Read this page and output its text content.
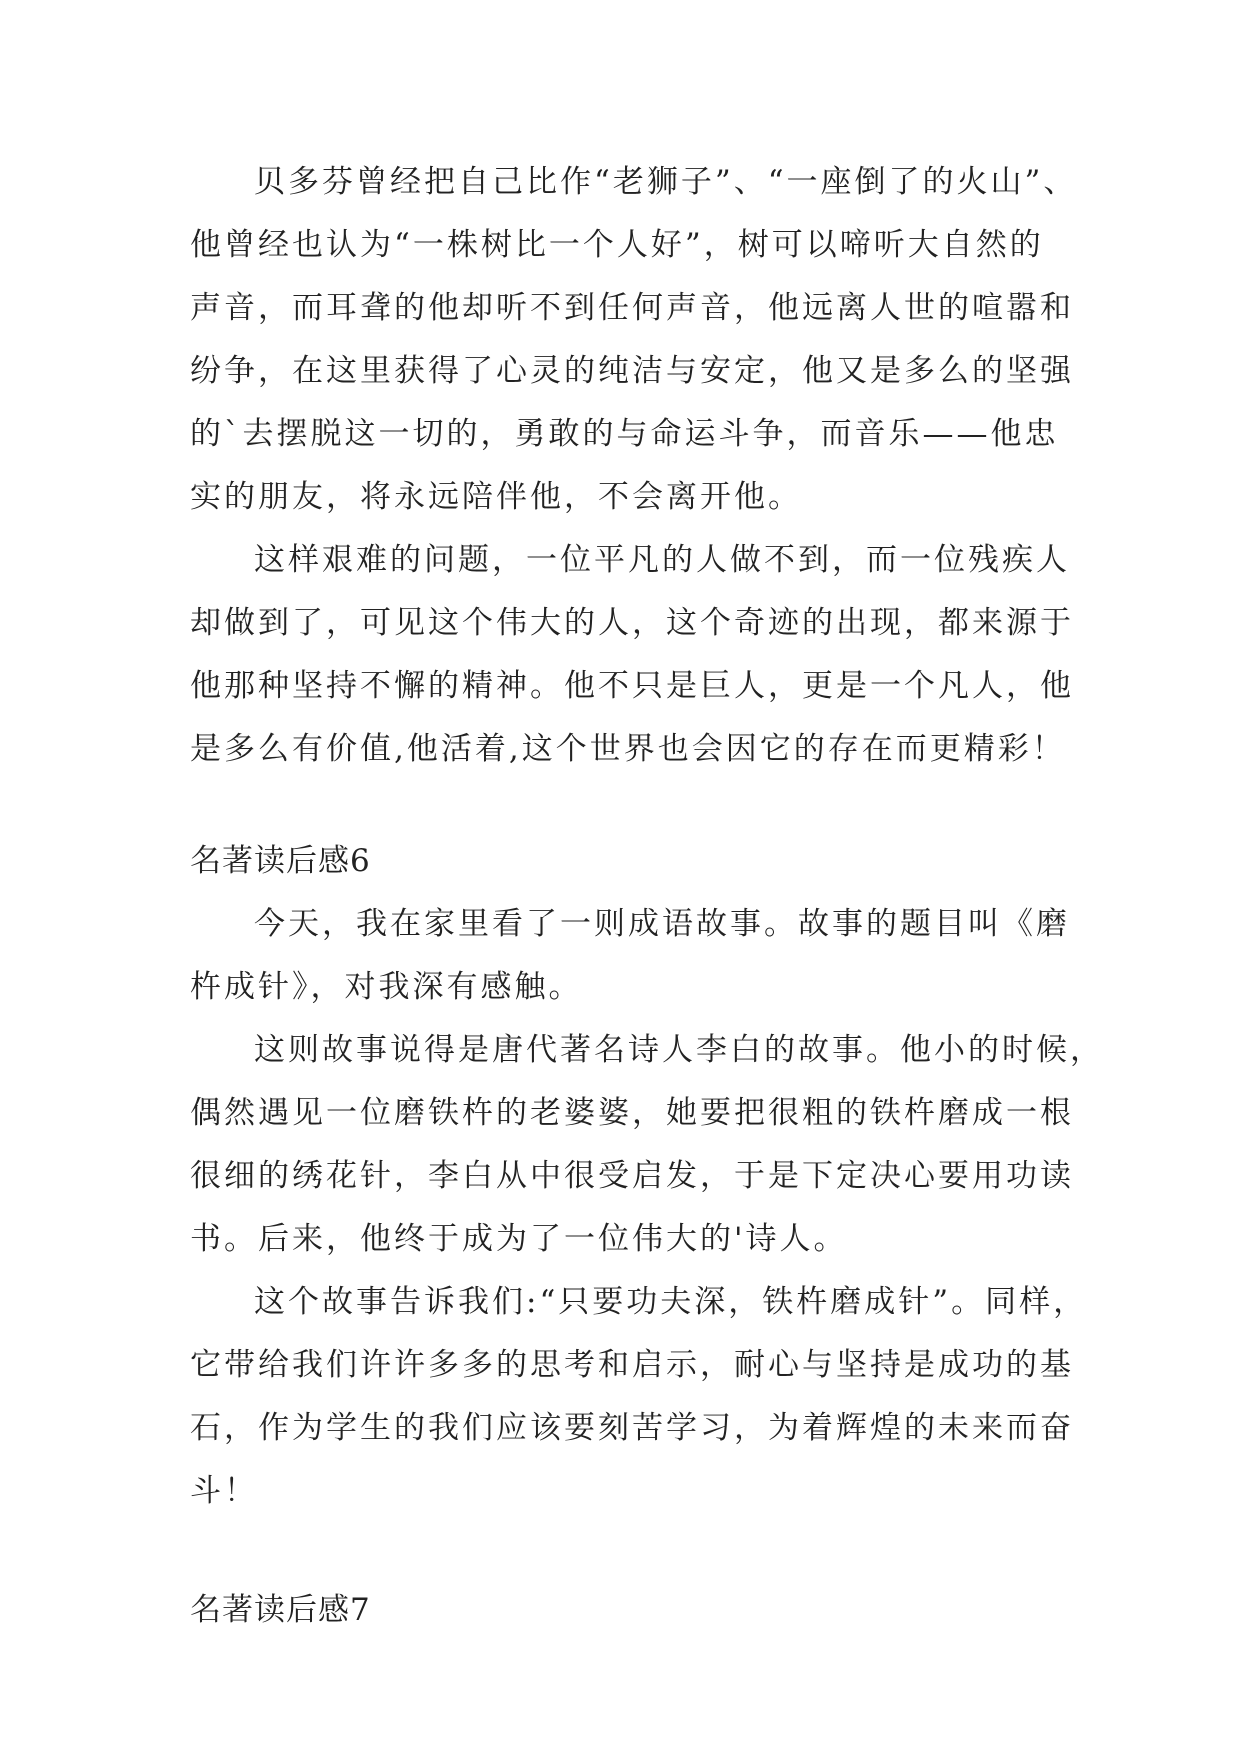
贝多芬曾经把自己比作“老狮子”、“一座倒了的火山”、
他曾经也认为“一株树比一个人好”，树可以啼听大自然的
声音，而耳聋的他却听不到任何声音，他远离人世的喧嚣和
纷争，在这里获得了心灵的纯洁与安定，他又是多么的坚强
的`去摆脱这一切的，勇敢的与命运斗争，而音乐——他忠
实的朋友，将永远陪伴他，不会离开他。
这样艰难的问题，一位平凡的人做不到，而一位残疾人
却做到了，可见这个伟大的人，这个奇迹的出现，都来源于
他那种坚持不懈的精神。他不只是巨人，更是一个凡人，他
是多么有价值,他活着,这个世界也会因它的存在而更精彩！
名著读后感6
今天，我在家里看了一则成语故事。故事的题目叫《磨
杵成针》，对我深有感触。
这则故事说得是唐代著名诗人李白的故事。他小的时候，
偶然遇见一位磨铁杵的老婆婆，她要把很粗的铁杵磨成一根
很细的绣花针，李白从中很受启发，于是下定决心要用功读
书。后来，他终于成为了一位伟大的'诗人。
这个故事告诉我们:“只要功夫深，铁杵磨成针”。同样，
它带给我们许许多多的思考和启示，耐心与坚持是成功的基
石，作为学生的我们应该要刻苦学习，为着辉煌的未来而奋
斗！
名著读后感7
